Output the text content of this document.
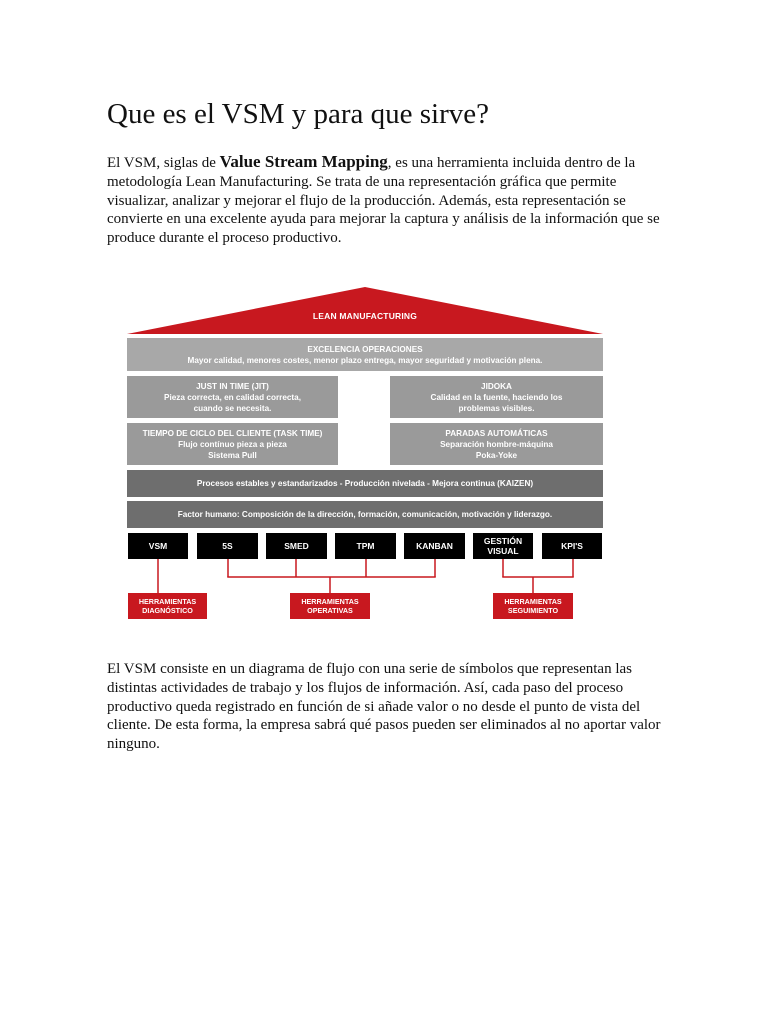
Que es el VSM y para que sirve?

El VSM, siglas de Value Stream Mapping, es una herramienta incluida dentro de la metodología Lean Manufacturing. Se trata de una representación gráfica que permite visualizar, analizar y mejorar el flujo de la producción. Además, esta representación se convierte en una excelente ayuda para mejorar la captura y análisis de la información que se produce durante el proceso productivo.

LEAN MANUFACTURING
EXCELENCIA OPERACIONES
Mayor calidad, menores costes, menor plazo entrega, mayor seguridad y motivación plena.
JUST IN TIME (JIT)
Pieza correcta, en calidad correcta,
cuando se necesita.
JIDOKA
Calidad en la fuente, haciendo los
problemas visibles.
TIEMPO DE CICLO DEL CLIENTE (TASK TIME)
Flujo contínuo pieza a pieza
Sistema Pull
PARADAS AUTOMÁTICAS
Separación hombre-máquina
Poka-Yoke
Procesos estables y estandarizados - Producción nivelada - Mejora continua (KAIZEN)
Factor humano: Composición de la dirección, formación, comunicación, motivación y liderazgo.
VSM	5S	SMED	TPM	KANBAN	GESTIÓN
VISUAL	KPI'S
HERRAMIENTAS
DIAGNÓSTICO
HERRAMIENTAS
OPERATIVAS
HERRAMIENTAS
SEGUIMIENTO

El VSM consiste en un diagrama de flujo con una serie de símbolos que representan las distintas actividades de trabajo y los flujos de información. Así, cada paso del proceso productivo queda registrado en función de si añade valor o no desde el punto de vista del cliente. De esta forma, la empresa sabrá qué pasos pueden ser eliminados al no aportar valor ninguno.
